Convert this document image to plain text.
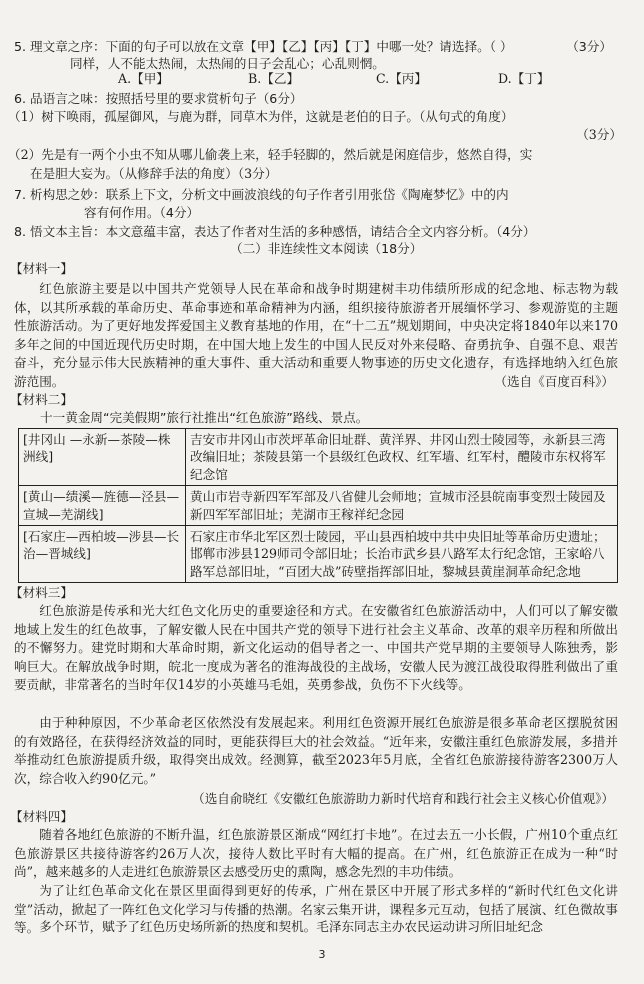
5. 理文章之序：下面的句子可以放在文章【甲】【乙】【丙】【丁】中哪一处？请选择。（ ）	（3分）
同样，人不能太热闹，太热闹的日子会乱心；心乱则惘。
A.【甲】	B.【乙】	C.【丙】	D.【丁】
6. 品语言之味：按照括号里的要求赏析句子（6分）
（1）树下唤雨，孤屋御风，与鹿为群，同草木为伴，这就是老伯的日子。（从句式的角度）
（3分）
（2）先是有一两个小虫不知从哪儿偷袭上来，轻手轻脚的，然后就是闲庭信步，悠然自得，实
在是胆大妄为。（从修辞手法的角度）（3分）
7. 析构思之妙：联系上下文，分析文中画波浪线的句子作者引用张岱《陶庵梦忆》中的内
容有何作用。（4分）
8. 悟文本主旨：本文意蕴丰富，表达了作者对生活的多种感悟，请结合全文内容分析。（4分）
（二）非连续性文本阅读（18分）
【材料一】
红色旅游主要是以中国共产党领导人民在革命和战争时期建树丰功伟绩所形成的纪念地、标志物为载体，以其所承载的革命历史、革命事迹和革命精神为内涵，组织接待旅游者开展缅怀学习、参观游览的主题性旅游活动。为了更好地发挥爱国主义教育基地的作用，在“十二五”规划期间，中央决定将1840年以来170多年之间的中国近现代历史时期，在中国大地上发生的中国人民反对外来侵略、奋勇抗争、自强不息、艰苦奋斗，充分显示伟大民族精神的重大事件、重大活动和重要人物事迹的历史文化遗存，有选择地纳入红色旅游范围。	（选自《百度百科》）
【材料二】
十一黄金周“完美假期”旅行社推出“红色旅游”路线、景点。
[井冈山 —永新—茶陵—株洲线]	吉安市井冈山市茨坪革命旧址群、黄洋界、井冈山烈士陵园等，永新县三湾改编旧址；茶陵县第一个县级红色政权、红军墙、红军村，醴陵市东权将军纪念馆
[黄山—绩溪—旌德—泾县—宣城—芜湖线]	黄山市岩寺新四军军部及八省健儿会师地；宣城市泾县皖南事变烈士陵园及新四军军部旧址；芜湖市王稼祥纪念园
[石家庄—西柏坡—涉县—长治—晋城线]	石家庄市华北军区烈士陵园，平山县西柏坡中共中央旧址等革命历史遗址；邯郸市涉县129师司令部旧址；长治市武乡县八路军太行纪念馆，王家峪八路军总部旧址，“百团大战”砖壁指挥部旧址，黎城县黄崖洞革命纪念地
【材料三】
红色旅游是传承和光大红色文化历史的重要途径和方式。在安徽省红色旅游活动中，人们可以了解安徽地域上发生的红色故事，了解安徽人民在中国共产党的领导下进行社会主义革命、改革的艰辛历程和所做出的不懈努力。建党时期和大革命时期，新文化运动的倡导者之一、中国共产党早期的主要领导人陈独秀，影响巨大。在解放战争时期，皖北一度成为著名的淮海战役的主战场，安徽人民为渡江战役取得胜利做出了重要贡献，非常著名的当时年仅14岁的小英雄马毛姐，英勇参战，负伤不下火线等。
由于种种原因，不少革命老区依然没有发展起来。利用红色资源开展红色旅游是很多革命老区摆脱贫困的有效路径，在获得经济效益的同时，更能获得巨大的社会效益。“近年来，安徽注重红色旅游发展，多措并举推动红色旅游提质升级，取得突出成效。经测算，截至2023年5月底，全省红色旅游接待游客2300万人次，综合收入约90亿元。”
（选自俞晓红《安徽红色旅游助力新时代培育和践行社会主义核心价值观》）
【材料四】
随着各地红色旅游的不断升温，红色旅游景区渐成“网红打卡地”。在过去五一小长假，广州10个重点红色旅游景区共接待游客约26万人次，接待人数比平时有大幅的提高。在广州，红色旅游正在成为一种“时尚”，越来越多的人走进红色旅游景区去感受历史的熏陶，感念先烈的丰功伟绩。
为了让红色革命文化在景区里面得到更好的传承，广州在景区中开展了形式多样的“新时代红色文化讲堂”活动，掀起了一阵红色文化学习与传播的热潮。名家云集开讲，课程多元互动，包括了展演、红色微故事等。 多个环节，赋予了红色历史场所新的热度和契机。毛泽东同志主办农民运动讲习所旧址纪念
3
